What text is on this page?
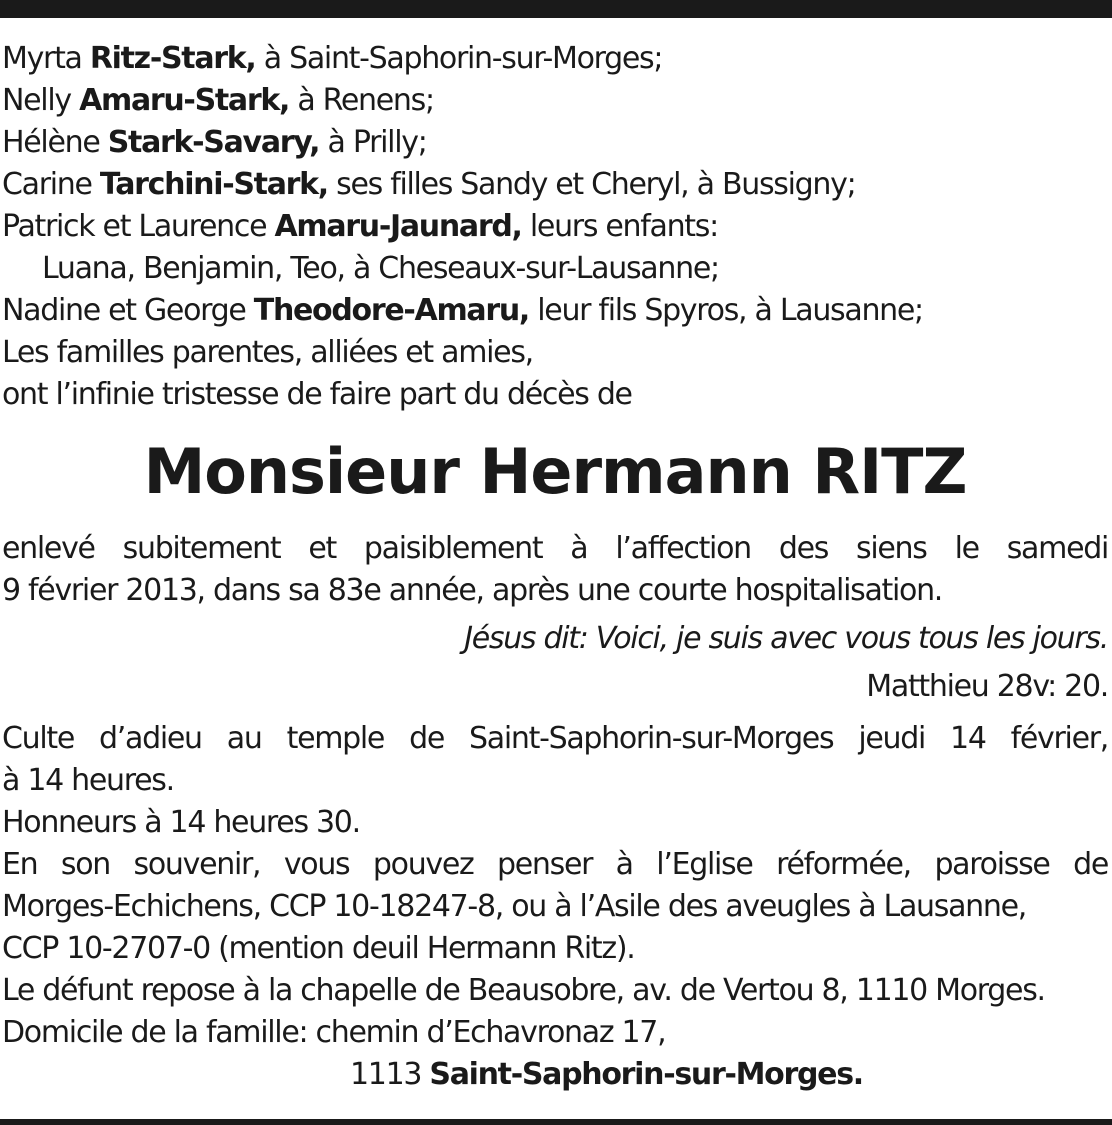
Myrta Ritz-Stark, à Saint-Saphorin-sur-Morges;
Nelly Amaru-Stark, à Renens;
Hélène Stark-Savary, à Prilly;
Carine Tarchini-Stark, ses filles Sandy et Cheryl, à Bussigny;
Patrick et Laurence Amaru-Jaunard, leurs enfants:
Luana, Benjamin, Teo, à Cheseaux-sur-Lausanne;
Nadine et George Theodore-Amaru, leur fils Spyros, à Lausanne;
Les familles parentes, alliées et amies,
ont l’infinie tristesse de faire part du décès de
Monsieur Hermann RITZ
enlevé subitement et paisiblement à l’affection des siens le samedi
9 février 2013, dans sa 83e année, après une courte hospitalisation.
Jésus dit: Voici, je suis avec vous tous les jours.
Matthieu 28v: 20.
Culte d’adieu au temple de Saint-Saphorin-sur-Morges jeudi 14 février,
à 14 heures.
Honneurs à 14 heures 30.
En son souvenir, vous pouvez penser à l’Eglise réformée, paroisse de
Morges-Echichens, CCP 10-18247-8, ou à l’Asile des aveugles à Lausanne,
CCP 10-2707-0 (mention deuil Hermann Ritz).
Le défunt repose à la chapelle de Beausobre, av. de Vertou 8, 1110 Morges.
Domicile de la famille: chemin d’Echavronaz 17,
1113 Saint-Saphorin-sur-Morges.
